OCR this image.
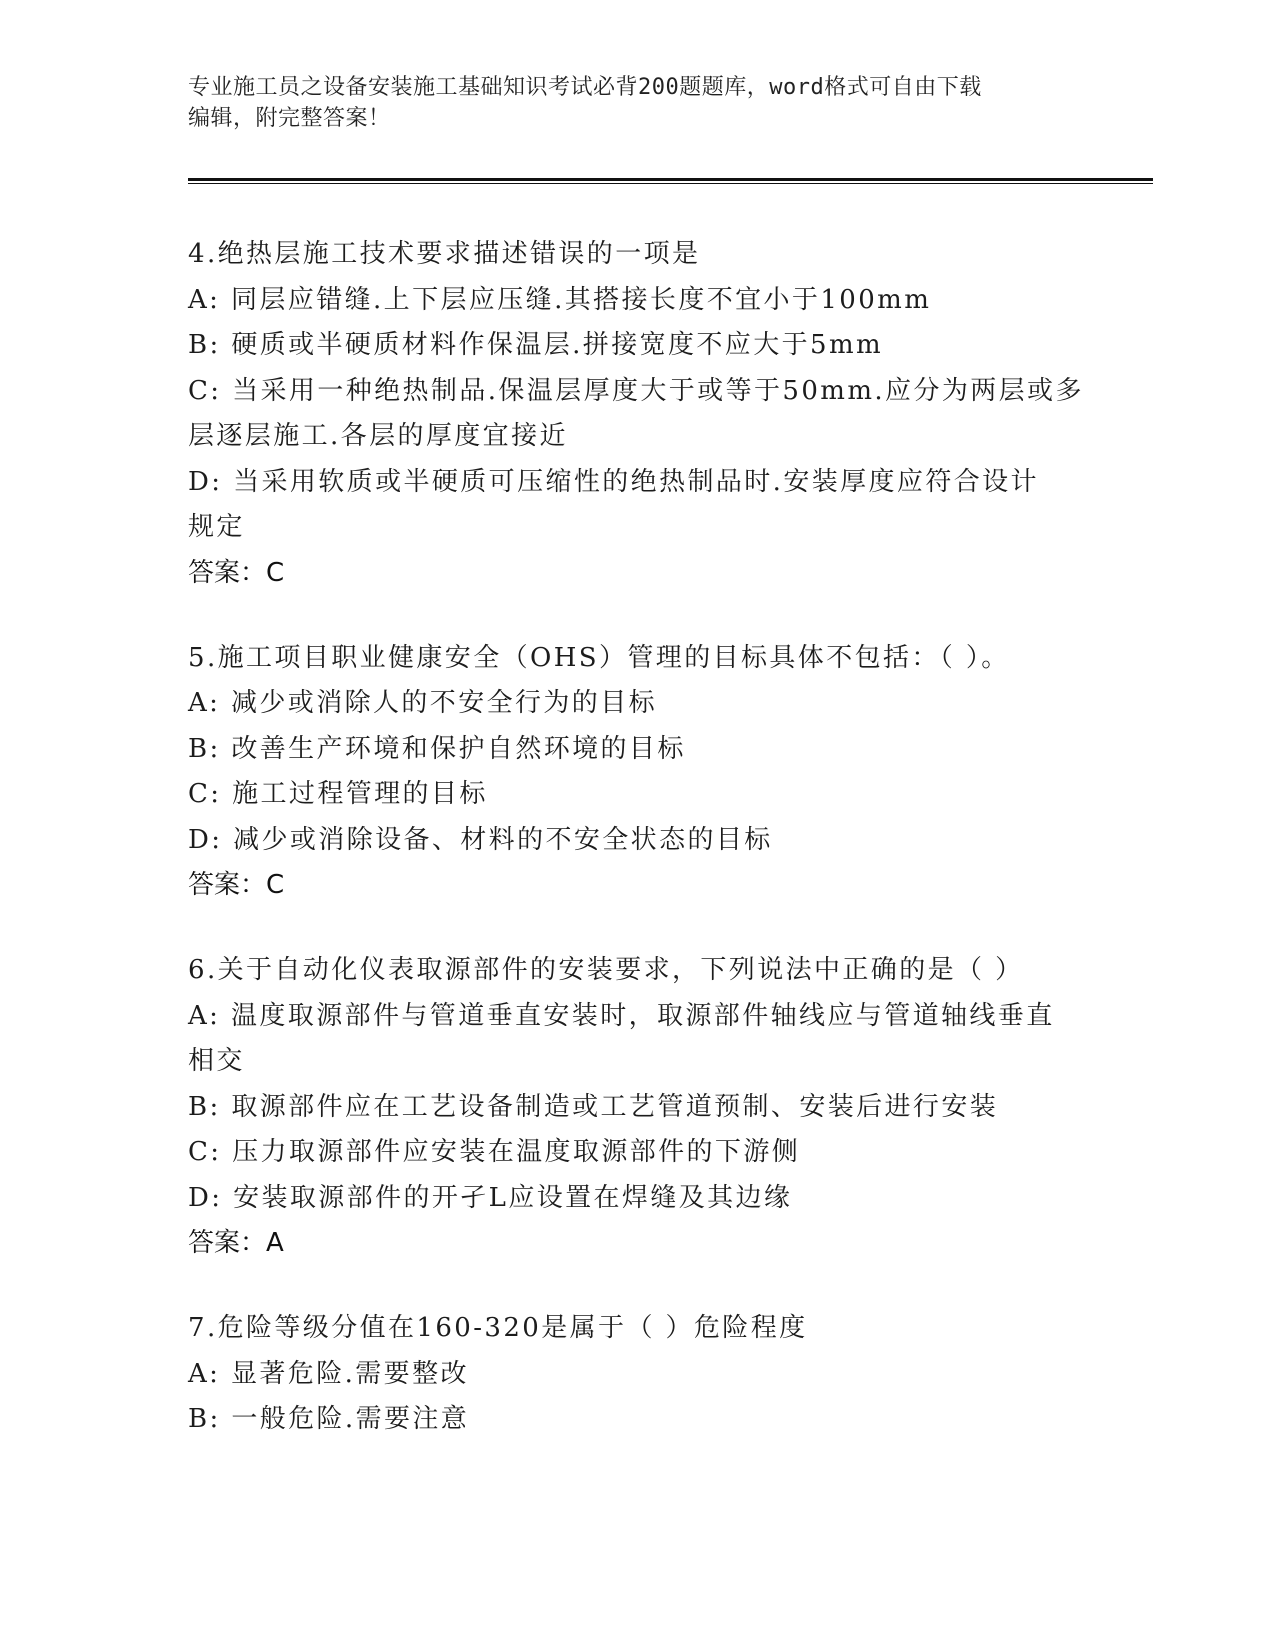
专业施工员之设备安装施工基础知识考试必背200题题库，word格式可自由下载
编辑，附完整答案！
4.绝热层施工技术要求描述错误的一项是
A: 同层应错缝.上下层应压缝.其搭接长度不宜小于100mm
B: 硬质或半硬质材料作保温层.拼接宽度不应大于5mm
C: 当采用一种绝热制品.保温层厚度大于或等于50mm.应分为两层或多
层逐层施工.各层的厚度宜接近
D: 当采用软质或半硬质可压缩性的绝热制品时.安装厚度应符合设计
规定
答案：C
5.施工项目职业健康安全（OHS）管理的目标具体不包括：（ ）。
A: 减少或消除人的不安全行为的目标
B: 改善生产环境和保护自然环境的目标
C: 施工过程管理的目标
D: 减少或消除设备、材料的不安全状态的目标
答案：C
6.关于自动化仪表取源部件的安装要求，下列说法中正确的是（ ）
A: 温度取源部件与管道垂直安装时，取源部件轴线应与管道轴线垂直
相交
B: 取源部件应在工艺设备制造或工艺管道预制、安装后进行安装
C: 压力取源部件应安装在温度取源部件的下游侧
D: 安装取源部件的开孑L应设置在焊缝及其边缘
答案：A
7.危险等级分值在160-320是属于（ ）危险程度
A: 显著危险.需要整改
B: 一般危险.需要注意
